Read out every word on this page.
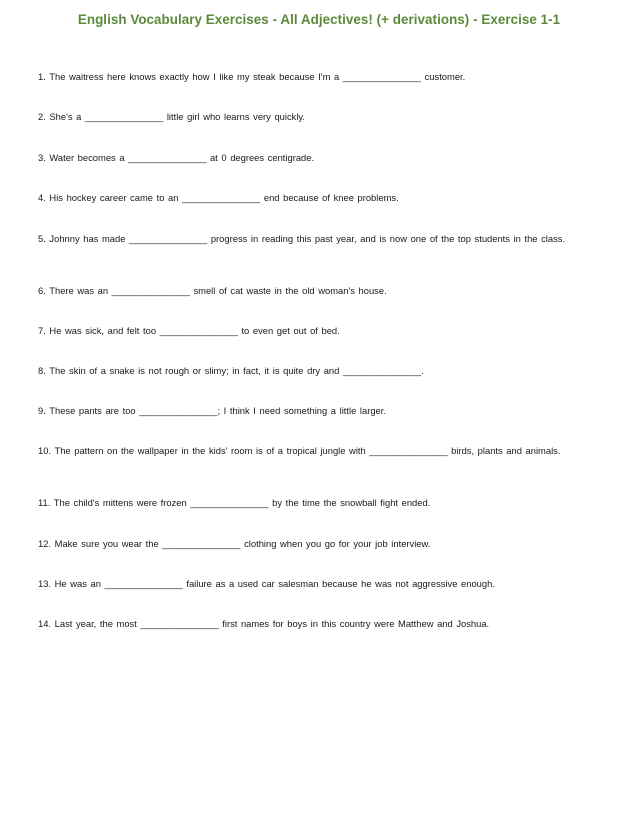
English Vocabulary Exercises - All Adjectives! (+ derivations) - Exercise 1-1
1. The waitress here knows exactly how I like my steak because I'm a _______________ customer.
2. She's a _______________ little girl who learns very quickly.
3. Water becomes a _______________ at 0 degrees centigrade.
4. His hockey career came to an _______________ end because of knee problems.
5. Johnny has made _______________ progress in reading this past year, and is now one of the top students in the class.
6. There was an _______________ smell of cat waste in the old woman's house.
7. He was sick, and felt too _______________ to even get out of bed.
8. The skin of a snake is not rough or slimy; in fact, it is quite dry and _______________.
9. These pants are too _______________; I think I need something a little larger.
10. The pattern on the wallpaper in the kids' room is of a tropical jungle with _______________ birds, plants and animals.
11. The child's mittens were frozen _______________ by the time the snowball fight ended.
12. Make sure you wear the _______________ clothing when you go for your job interview.
13. He was an _______________ failure as a used car salesman because he was not aggressive enough.
14. Last year, the most _______________ first names for boys in this country were Matthew and Joshua.
